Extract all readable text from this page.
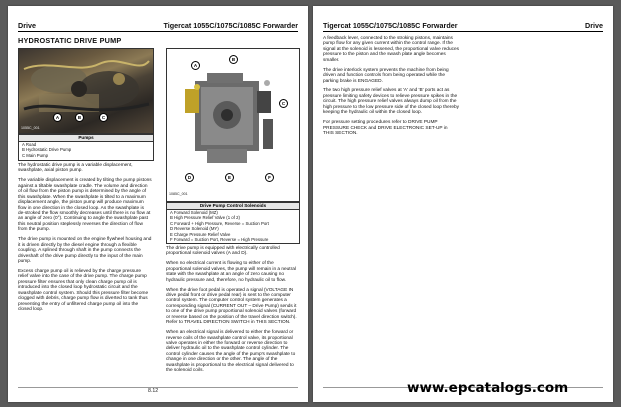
Drive	Tigercat 1055C/1075C/1085C Forwarder
HYDROSTATIC DRIVE PUMP
A	B	C
1055C_001
Pumps
A Road
B Hydrostatic Drive Pump
C Main Pump
A
B
C
D	E	F
1085C_001
Drive Pump Control Solenoids
A Forward Solenoid (MZ)
B High Pressure Relief Valve (1 of 2)
C Forward + High Pressure, Reverse = Suction Port
D Reverse Solenoid (MY)
E Charge Pressure Relief Valve
F Forward = Suction Port, Reverse = High Pressure

The hydrostatic drive pump is a variable displacement, swashplate, axial piston pump.

The variable displacement is created by tilting the pump pistons against a tiltable swashplate cradle. The volume and direction of oil flow from the piston pump is determined by the angle of this swashplate. When the swashplate is tilted to a maximum displacement angle, the piston pump will produce maximum flow in one direction in the closed loop. As the swashplate is de-stroked the flow smoothly decreases until there is no flow at an angle of zero (0°). Continuing to angle the swashplate past this neutral position steplessly reverses the direction of flow from the pump.

The drive pump is mounted on the engine flywheel housing and it is driven directly by the diesel engine through a flexible coupling. A splined through shaft in the pump connects the driveshaft of the drive pump directly to the input of the main pump.

Excess charge pump oil is relieved by the charge pressure relief valve into the case of the drive pump. The charge pump pressure filter ensures that only clean charge pump oil is introduced into the closed loop hydrostatic circuit and the swashplate control system. Should this pressure filter become clogged with debris, charge pump flow is diverted to tank thus preventing the entry of unfiltered charge pump oil into the closed loop.

The drive pump is equipped with electrically controlled proportional solenoid valves (A and D).

When no electrical current is flowing to either of the proportional solenoid valves, the pump will remain in a neutral state with the swashplate at an angle of zero causing no hydraulic pressure and, therefore, no hydraulic oil to flow.

When the drive foot pedal is operated a signal (VOLTAGE IN drive pedal front or drive pedal rear) is sent to the computer control system. The computer control system generates a corresponding signal (CURRENT OUT – Drive Pump) sends it to one of the drive pump proportional solenoid valves (forward or reverse based on the position of the travel direction switch). Refer to TRAVEL DIRECTION SWITCH in THIS SECTION.

When an electrical signal is delivered to either the forward or reverse coils of the swashplate control valve, its proportional valve operates in either the forward or reverse direction to deliver hydraulic oil to the swashplate control cylinder. The control cylinder causes the angle of the pump's swashplate to change in one direction or the other. The angle of the swashplate is proportional to the electrical signal delivered to the solenoid coils.

8.12
Tigercat 1055C/1075C/1085C Forwarder	Drive

A feedback lever, connected to the stroking pistons, maintains pump flow for any given current within the control range. If the signal at the solenoid is lessened, the proportional valve reduces pressure to the piston and the swash plate angle becomes smaller.

The drive interlock system prevents the machine from being driven and function controls from being operated while the parking brake is ENGAGED.

The two high pressure relief valves at 'A' and 'B' ports act as pressure limiting safety devices to relieve pressure spikes in the circuit. The high pressure relief valves always dump oil from the high pressure to the low pressure side of the closed loop thereby keeping the hydraulic oil within the closed loop.

For pressure setting procedures refer to DRIVE PUMP PRESSURE CHECK and DRIVE ELECTRONIC SET-UP in THIS SECTION.

www.epcatalogs.com
